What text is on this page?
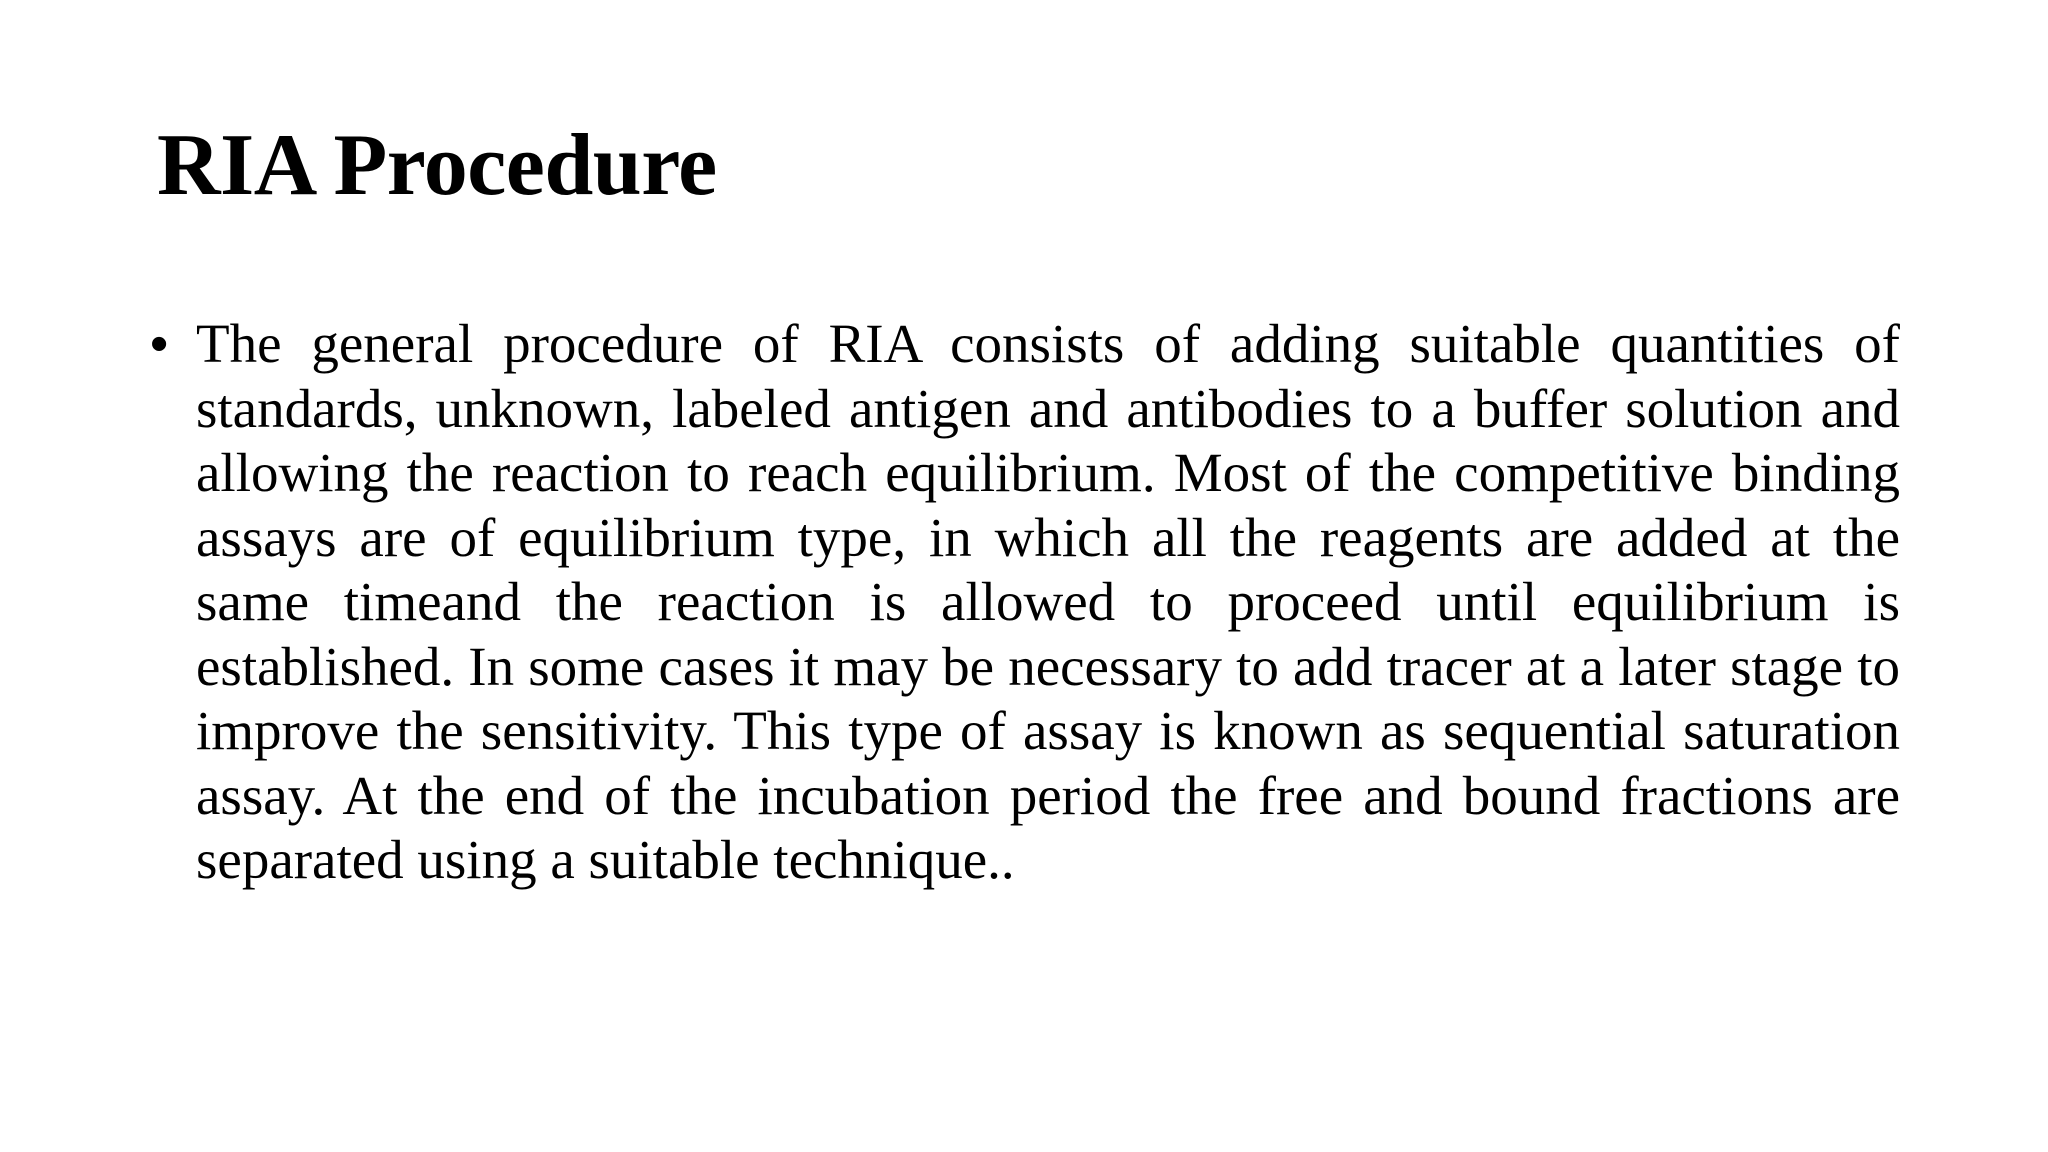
RIA Procedure
• The general procedure of RIA consists of adding suitable quantities of standards, unknown, labeled antigen and antibodies to a buffer solution and allowing the reaction to reach equilibrium. Most of the competitive binding assays are of equilibrium type, in which all the reagents are added at the same timeand the reaction is allowed to proceed until equilibrium is established. In some cases it may be necessary to add tracer at a later stage to improve the sensitivity. This type of assay is known as sequential saturation assay. At the end of the incubation period the free and bound fractions are separated using a suitable technique..
